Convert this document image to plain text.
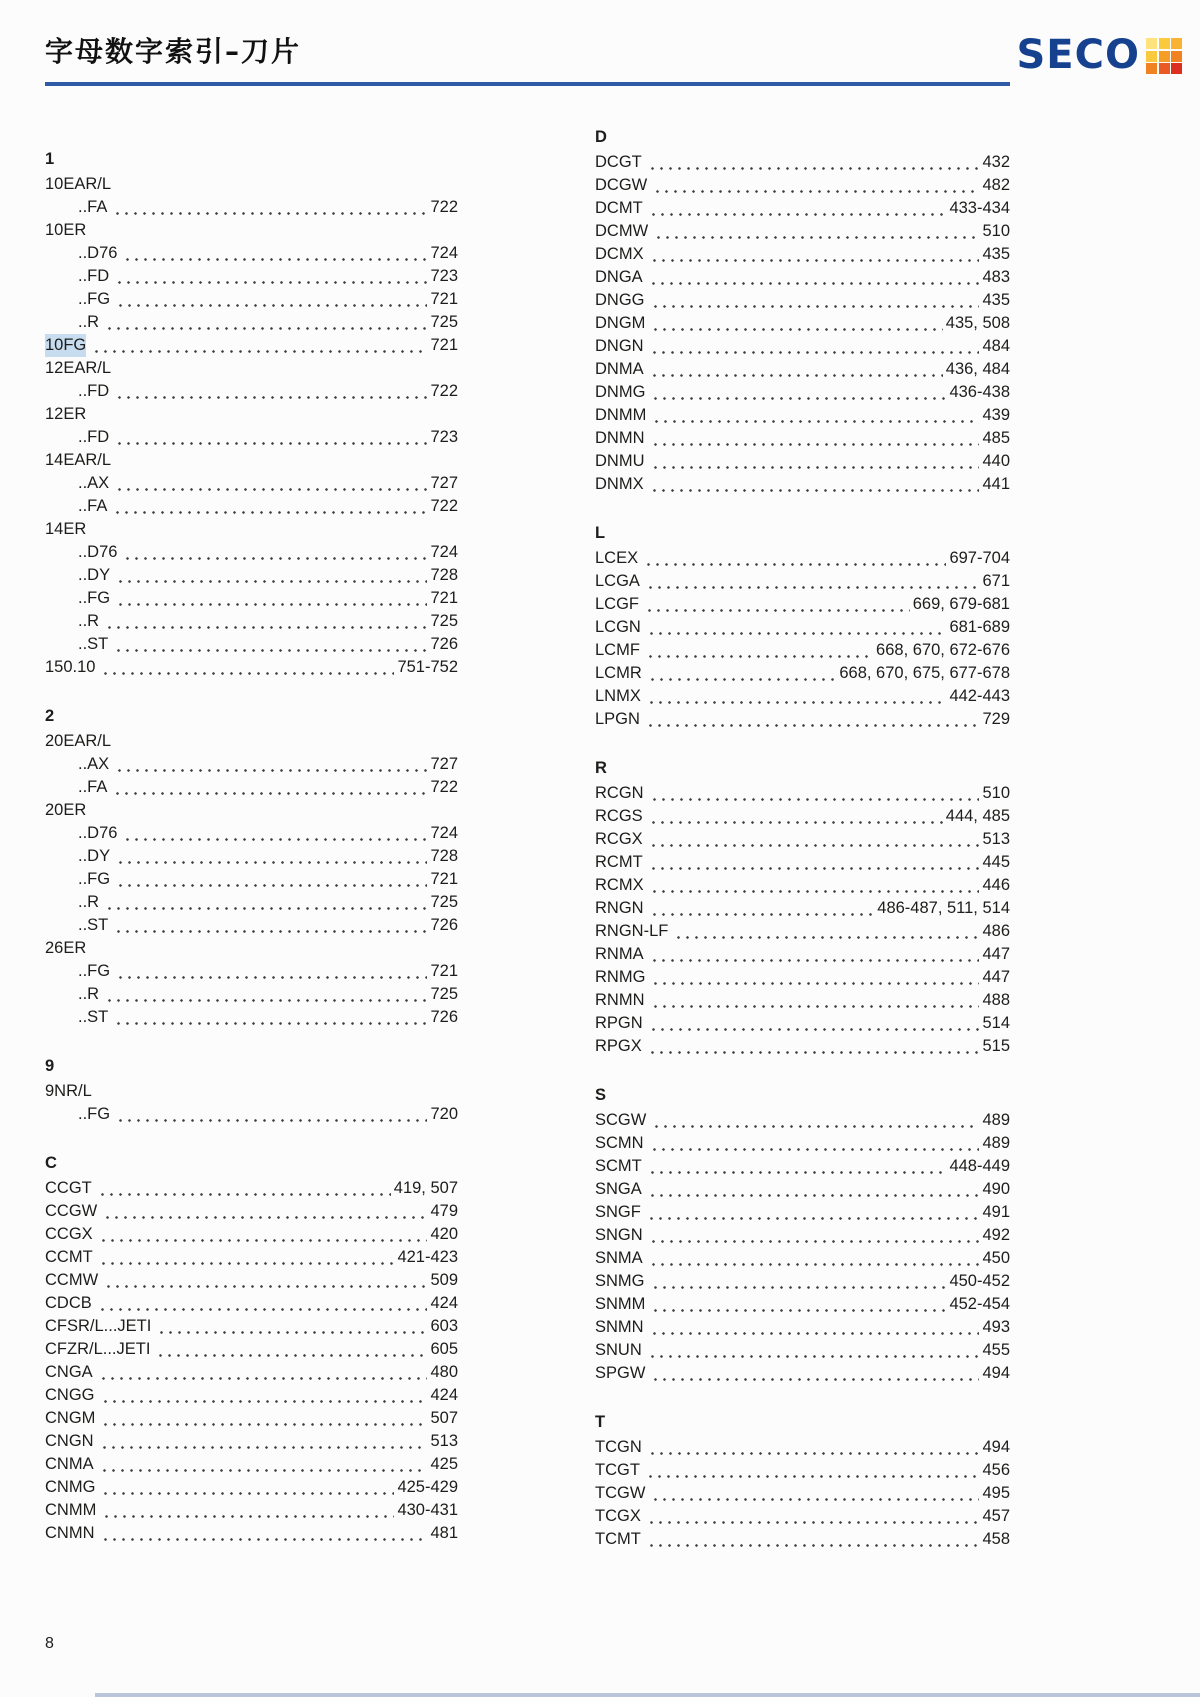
字母数字索引–刀片	SECO
1
10EAR/L
..FA	722
10ER
..D76	724
..FD	723
..FG	721
..R	725
10FG	721
12EAR/L
..FD	722
12ER
..FD	723
14EAR/L
..AX	727
..FA	722
14ER
..D76	724
..DY	728
..FG	721
..R	725
..ST	726
150.10	751-752
2
20EAR/L
..AX	727
..FA	722
20ER
..D76	724
..DY	728
..FG	721
..R	725
..ST	726
26ER
..FG	721
..R	725
..ST	726
9
9NR/L
..FG	720
C
CCGT	419, 507
CCGW	479
CCGX	420
CCMT	421-423
CCMW	509
CDCB	424
CFSR/L...JETI	603
CFZR/L...JETI	605
CNGA	480
CNGG	424
CNGM	507
CNGN	513
CNMA	425
CNMG	425-429
CNMM	430-431
CNMN	481
D
DCGT	432
DCGW	482
DCMT	433-434
DCMW	510
DCMX	435
DNGA	483
DNGG	435
DNGM	435, 508
DNGN	484
DNMA	436, 484
DNMG	436-438
DNMM	439
DNMN	485
DNMU	440
DNMX	441
L
LCEX	697-704
LCGA	671
LCGF	669, 679-681
LCGN	681-689
LCMF	668, 670, 672-676
LCMR	668, 670, 675, 677-678
LNMX	442-443
LPGN	729
R
RCGN	510
RCGS	444, 485
RCGX	513
RCMT	445
RCMX	446
RNGN	486-487, 511, 514
RNGN-LF	486
RNMA	447
RNMG	447
RNMN	488
RPGN	514
RPGX	515
S
SCGW	489
SCMN	489
SCMT	448-449
SNGA	490
SNGF	491
SNGN	492
SNMA	450
SNMG	450-452
SNMM	452-454
SNMN	493
SNUN	455
SPGW	494
T
TCGN	494
TCGT	456
TCGW	495
TCGX	457
TCMT	458
8
